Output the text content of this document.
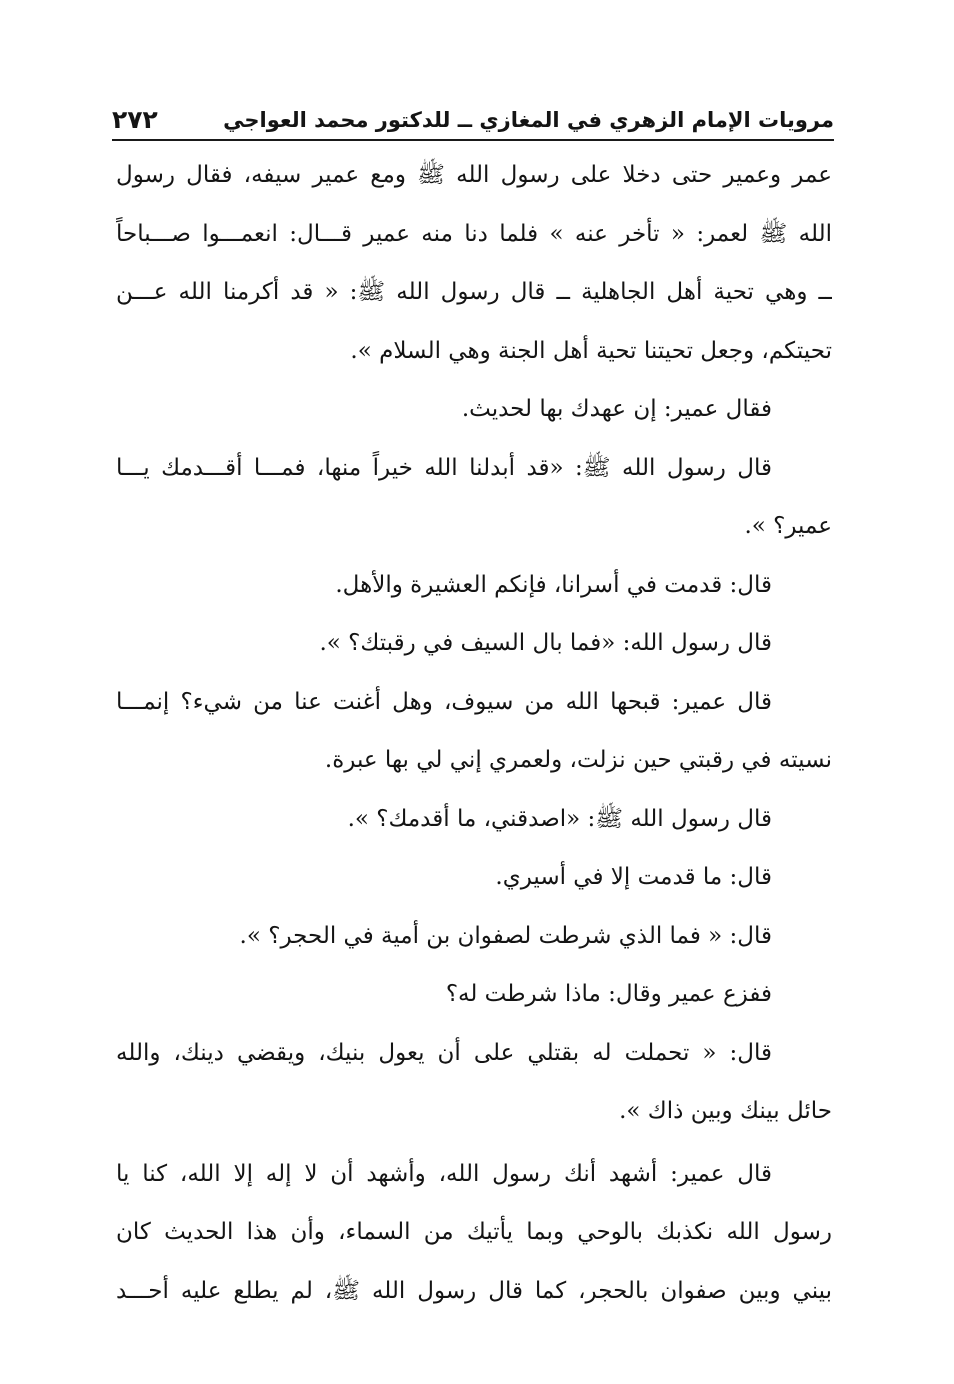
مرويات الإمام الزهري في المغازي ــ للدكتور محمد العواجي
٢٧٢
عمر وعمير حتى دخلا على رسول الله ﷺ ومع عمير سيفه، فقال رسول
الله ﷺ لعمر: « تأخر عنه » فلما دنا منه عمير قـــال: انعمـــوا صـــباحاً
ــ وهي تحية أهل الجاهلية ــ قال رسول الله ﷺ: « قد أكرمنا الله عـــن
تحيتكم، وجعل تحيتنا تحية أهل الجنة وهي السلام ».
فقال عمير: إن عهدك بها لحديث.
قال رسول الله ﷺ: «قد أبدلنا الله خيراً منها، فمـــا أقـــدمك يـــا
عمير؟ ».
قال: قدمت في أسرانا، فإنكم العشيرة والأهل.
قال رسول الله: «فما بال السيف في رقبتك؟ ».
قال عمير: قبحها الله من سيوف، وهل أغنت عنا من شيء؟ إنمـــا
نسيته في رقبتي حين نزلت، ولعمري إني لي بها عبرة.
قال رسول الله ﷺ: «اصدقني، ما أقدمك؟ ».
قال: ما قدمت إلا في أسيري.
قال: « فما الذي شرطت لصفوان بن أمية في الحجر؟ ».
ففزع عمير وقال: ماذا شرطت له؟
قال: « تحملت له بقتلي على أن يعول بنيك، ويقضي دينك، والله
حائل بينك وبين ذاك ».
قال عمير: أشهد أنك رسول الله، وأشهد أن لا إله إلا الله، كنا يا
رسول الله نكذبك بالوحي وبما يأتيك من السماء، وأن هذا الحديث كان
بيني وبين صفوان بالحجر، كما قال رسول الله ﷺ، لم يطلع عليه أحـــد
